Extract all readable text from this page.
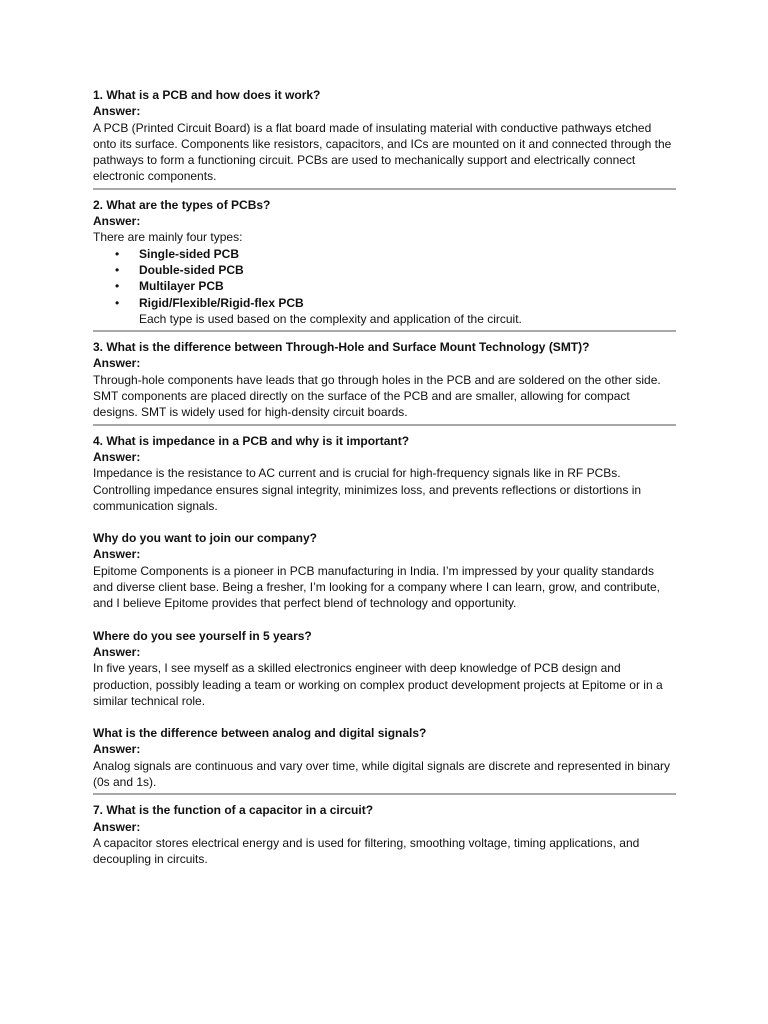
1. What is a PCB and how does it work?
Answer:

A PCB (Printed Circuit Board) is a flat board made of insulating material with conductive pathways etched onto its surface. Components like resistors, capacitors, and ICs are mounted on it and connected through the pathways to form a functioning circuit. PCBs are used to mechanically support and electrically connect electronic components.

2. What are the types of PCBs?
Answer:

There are mainly four types:

• Single-sided PCB
• Double-sided PCB
• Multilayer PCB
• Rigid/Flexible/Rigid-flex PCB

Each type is used based on the complexity and application of the circuit.

3. What is the difference between Through-Hole and Surface Mount Technology (SMT)?
Answer:

Through-hole components have leads that go through holes in the PCB and are soldered on the other side.

SMT components are placed directly on the surface of the PCB and are smaller, allowing for compact designs. SMT is widely used for high-density circuit boards.

4. What is impedance in a PCB and why is it important?
Answer:

Impedance is the resistance to AC current and is crucial for high-frequency signals like in RF PCBs. Controlling impedance ensures signal integrity, minimizes loss, and prevents reflections or distortions in communication signals.

Why do you want to join our company?
Answer:

Epitome Components is a pioneer in PCB manufacturing in India. I’m impressed by your quality standards and diverse client base. Being a fresher, I’m looking for a company where I can learn, grow, and contribute, and I believe Epitome provides that perfect blend of technology and opportunity.

Where do you see yourself in 5 years?
Answer:

In five years, I see myself as a skilled electronics engineer with deep knowledge of PCB design and production, possibly leading a team or working on complex product development projects at Epitome or in a similar technical role.

What is the difference between analog and digital signals?
Answer:

Analog signals are continuous and vary over time, while digital signals are discrete and represented in binary (0s and 1s).

7. What is the function of a capacitor in a circuit?
Answer:

A capacitor stores electrical energy and is used for filtering, smoothing voltage, timing applications, and decoupling in circuits.
